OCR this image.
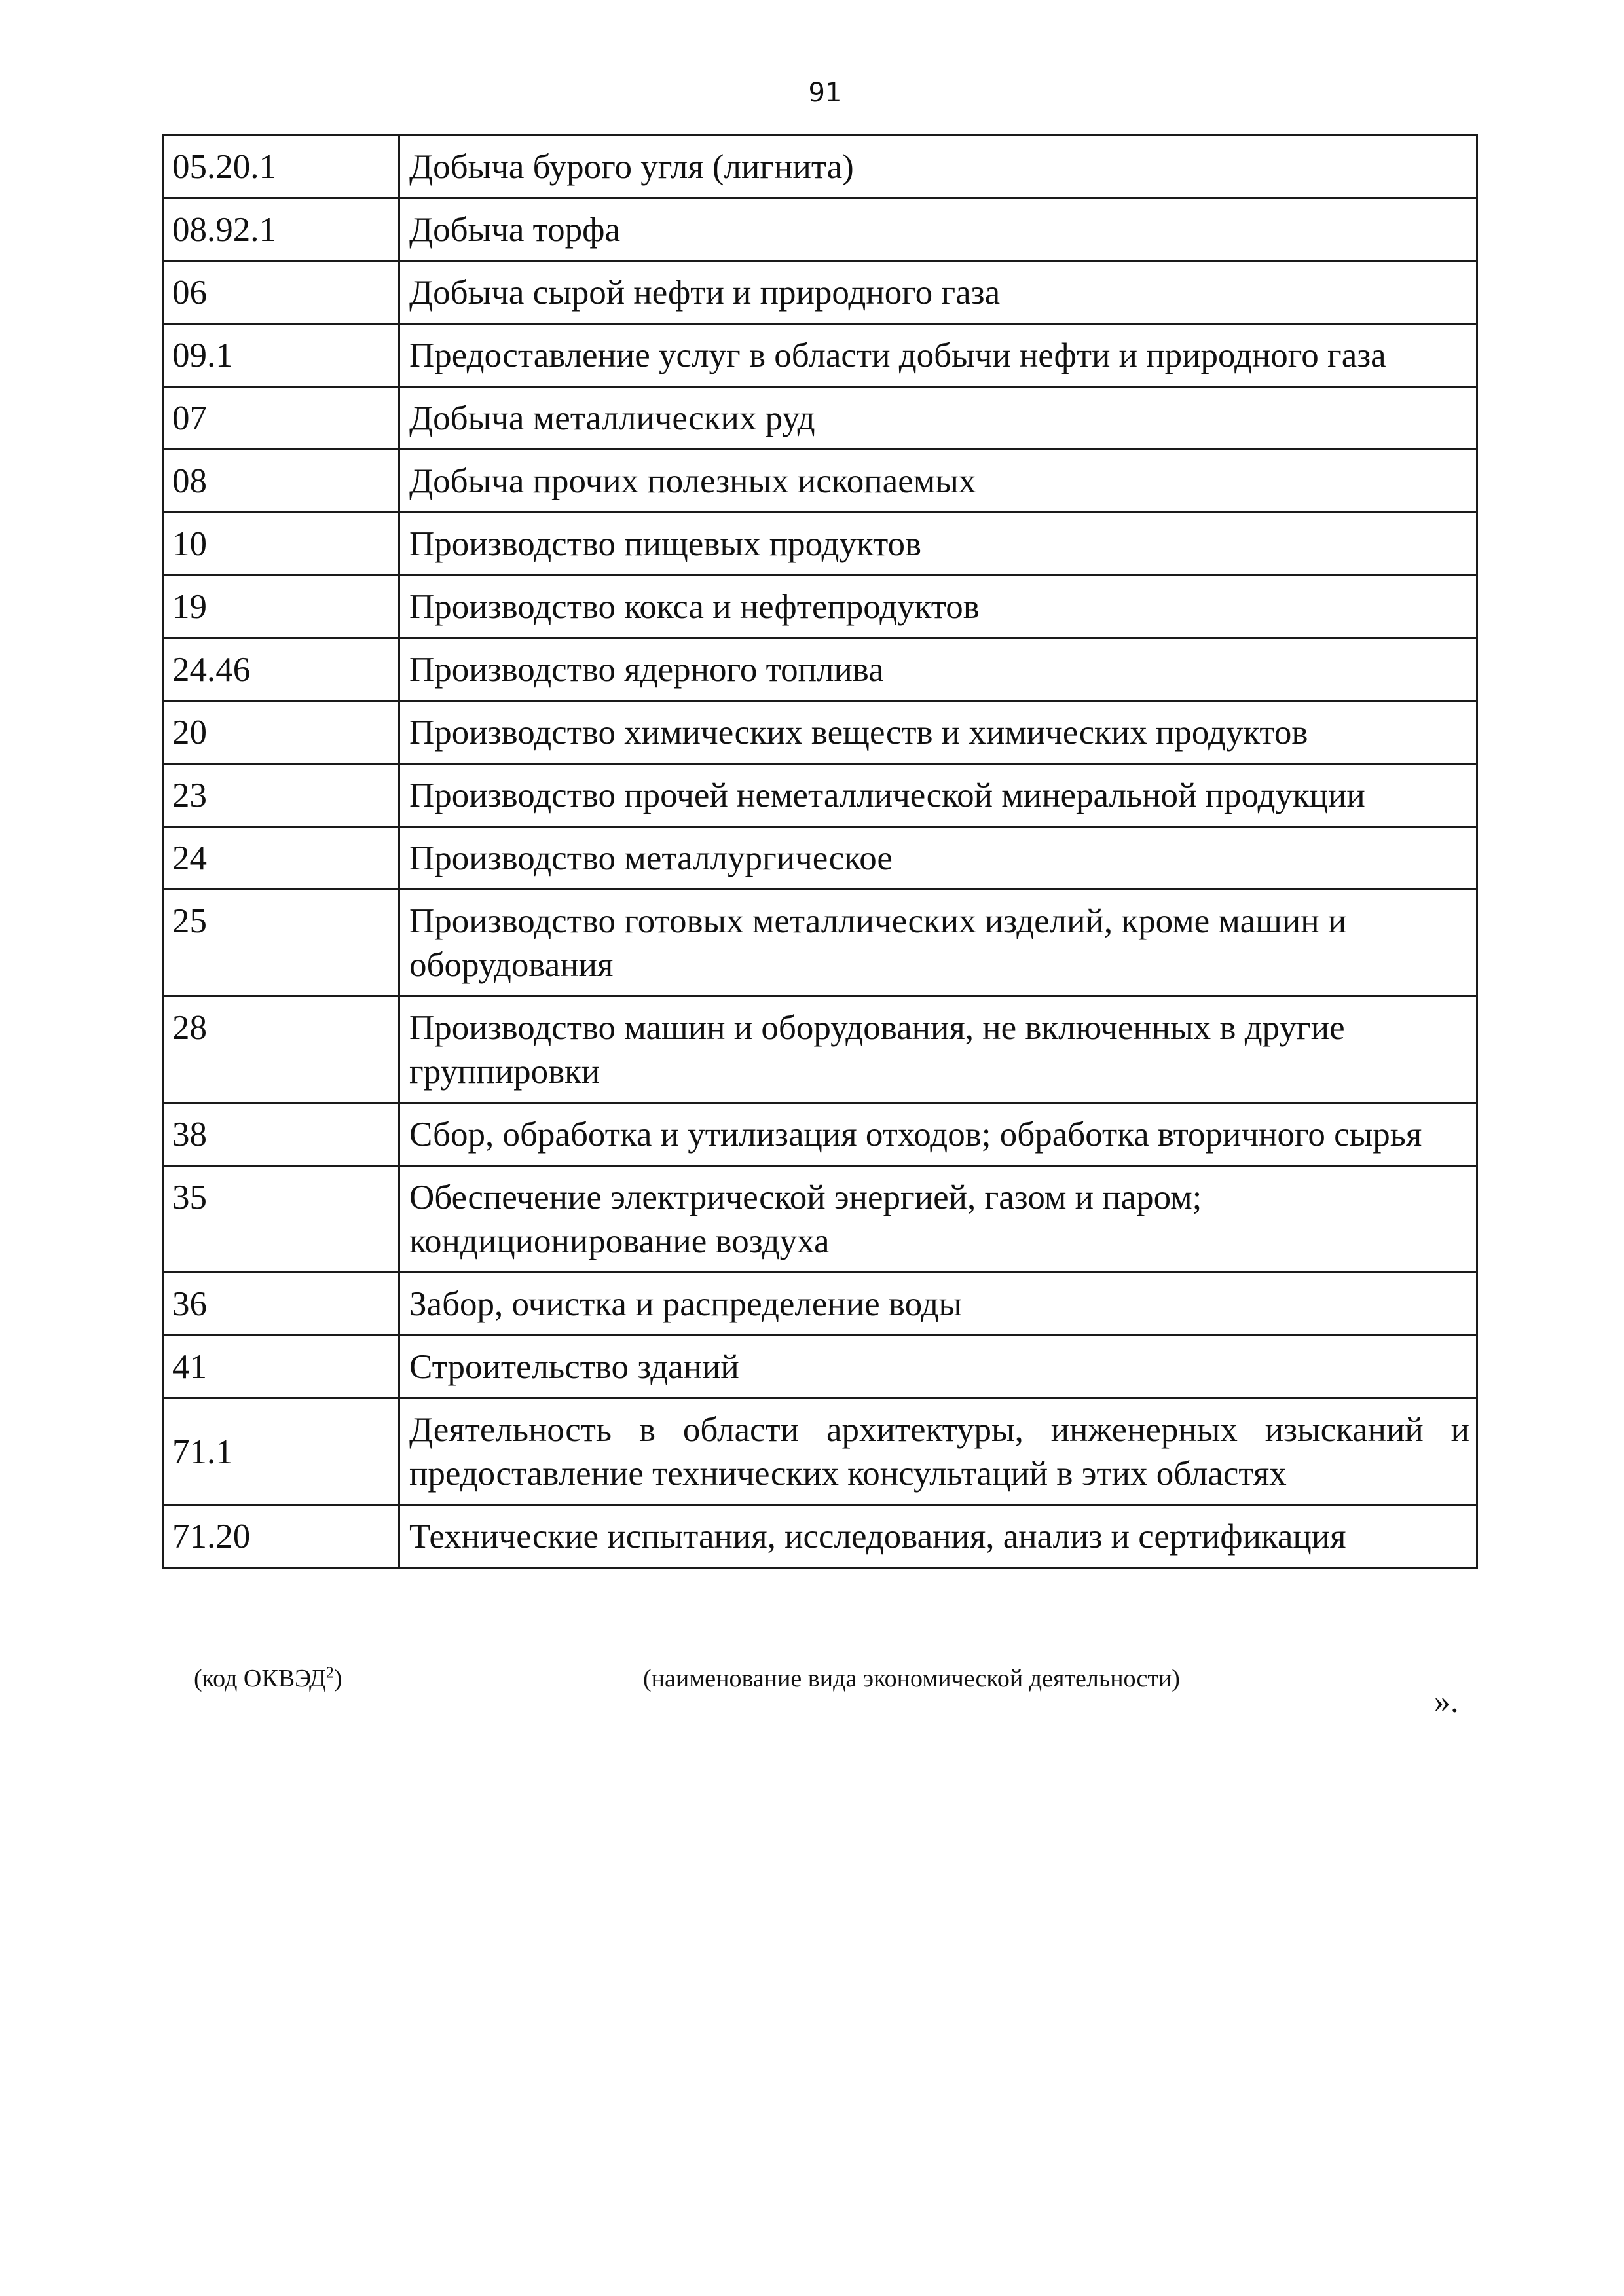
91
05.20.1	Добыча бурого угля (лигнита)
08.92.1	Добыча торфа
06	Добыча сырой нефти и природного газа
09.1	Предоставление услуг в области добычи нефти и природного газа
07	Добыча металлических руд
08	Добыча прочих полезных ископаемых
10	Производство пищевых продуктов
19	Производство кокса и нефтепродуктов
24.46	Производство ядерного топлива
20	Производство химических веществ и химических продуктов
23	Производство прочей неметаллической минеральной продукции
24	Производство металлургическое
25	Производство готовых металлических изделий, кроме машин и оборудования
28	Производство машин и оборудования, не включенных в другие группировки
38	Сбор, обработка и утилизация отходов; обработка вторичного сырья
35	Обеспечение электрической энергией, газом и паром; кондиционирование воздуха
36	Забор, очистка и распределение воды
41	Строительство зданий
71.1	Деятельность в области архитектуры, инженерных изысканий и предоставление технических консультаций в этих областях
71.20	Технические испытания, исследования, анализ и сертификация
(код ОКВЭД$^2$)	(наименование вида экономической деятельности)
».
